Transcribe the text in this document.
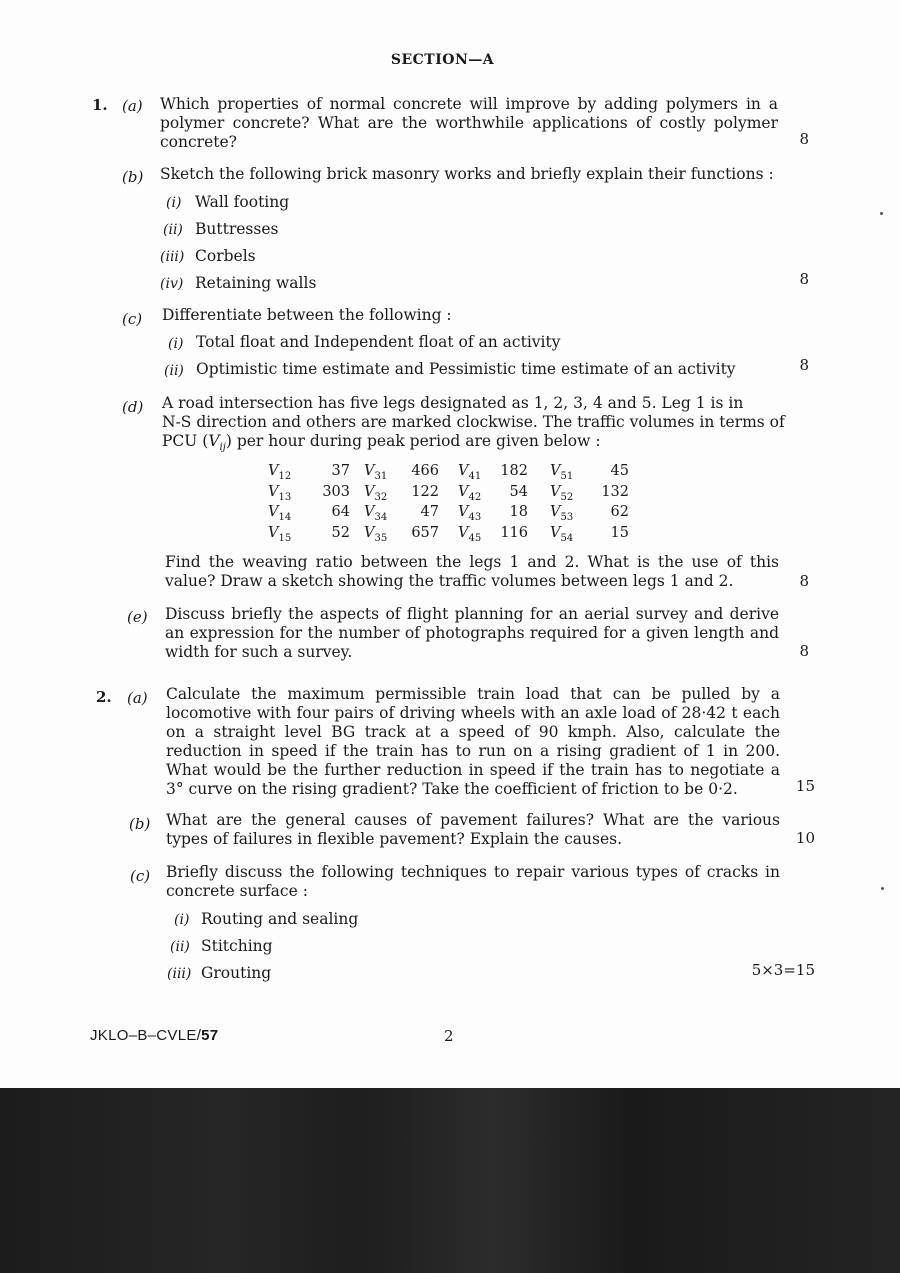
SECTION—A
1. (a) Which properties of normal concrete will improve by adding polymers in a polymer concrete? What are the worthwhile applications of costly polymer concrete?	8
(b) Sketch the following brick masonry works and briefly explain their functions :
(i) Wall footing
(ii) Buttresses
(iii) Corbels
(iv) Retaining walls	8
(c) Differentiate between the following :
(i) Total float and Independent float of an activity
(ii) Optimistic time estimate and Pessimistic time estimate of an activity	8
(d) A road intersection has five legs designated as 1, 2, 3, 4 and 5. Leg 1 is in
N-S direction and others are marked clockwise. The traffic volumes in terms of
PCU $(V_{ij})$ per hour during peak period are given below :
$V_{12}$	37 $V_{31}$	466 $V_{41}$	182 $V_{51}$	45
$V_{13}$	303 $V_{32}$	122 $V_{42}$	54 $V_{52}$	132
$V_{14}$	64 $V_{34}$	47 $V_{43}$	18 $V_{53}$	62
$V_{15}$	52 $V_{35}$	657 $V_{45}$	116 $V_{54}$	15
Find the weaving ratio between the legs 1 and 2. What is the use of this value? Draw a sketch showing the traffic volumes between legs 1 and 2.	8
(e) Discuss briefly the aspects of flight planning for an aerial survey and derive an expression for the number of photographs required for a given length and width for such a survey.	8
2. (a) Calculate the maximum permissible train load that can be pulled by a locomotive with four pairs of driving wheels with an axle load of 28·42 t each on a straight level BG track at a speed of 90 kmph. Also, calculate the reduction in speed if the train has to run on a rising gradient of 1 in 200. What would be the further reduction in speed if the train has to negotiate a 3° curve on the rising gradient? Take the coefficient of friction to be 0·2.	15
(b) What are the general causes of pavement failures? What are the various types of failures in flexible pavement? Explain the causes.	10
(c) Briefly discuss the following techniques to repair various types of cracks in concrete surface :
(i) Routing and sealing
(ii) Stitching
(iii) Grouting	5×3=15
JKLO–B–CVLE/57	2
